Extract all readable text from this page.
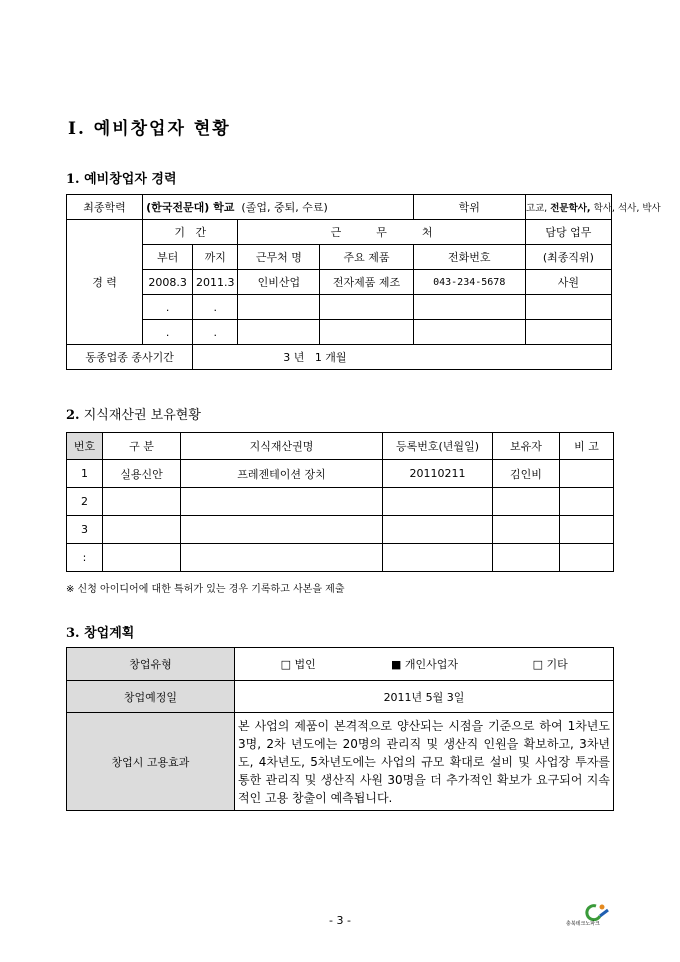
Ⅰ. 예비창업자 현황
1. 예비창업자 경력
최종학력	(한국전문대) 학교 (졸업, 중퇴, 수료)				학위	고교, 전문학사, 학사, 석사, 박사
경 력	기   간		근          무          처			담당 업무
	부터	까지	근무처 명	주요 제품	전화번호	(최종직위)
	2008.3	2011.3	인비산업	전자제품 제조	043-234-5678	사원
	.	.				
	.	.				
동종업종 종사기간		3 년   1 개월				
2. 지식재산권 보유현황
번호	구 분	지식재산권명	등록번호(년월일)	보유자	비 고
1	실용신안	프레젠테이션 장치	20110211	김인비	
2					
3					
:					
※ 신청 아이디어에 대한 특허가 있는 경우 기록하고 사본을 제출
3. 창업계획
창업유형	□ 법인	■ 개인사업자	□ 기타
창업예정일	2011년 5월 3일		
창업시 고용효과	본 사업의 제품이 본격적으로 양산되는 시점을 기준으로 하여 1차년도 3명, 2차 년도에는 20명의 관리직 및 생산직 인원을 확보하고, 3차년도, 4차년도, 5차년도에는 사업의 규모 확대로 설비 및 사업장 투자를 통한 관리직 및 생산직 사원 30명을 더 추가적인 확보가 요구되어 지속적인 고용 창출이 예측됩니다.		
- 3 -	충북테크노파크
